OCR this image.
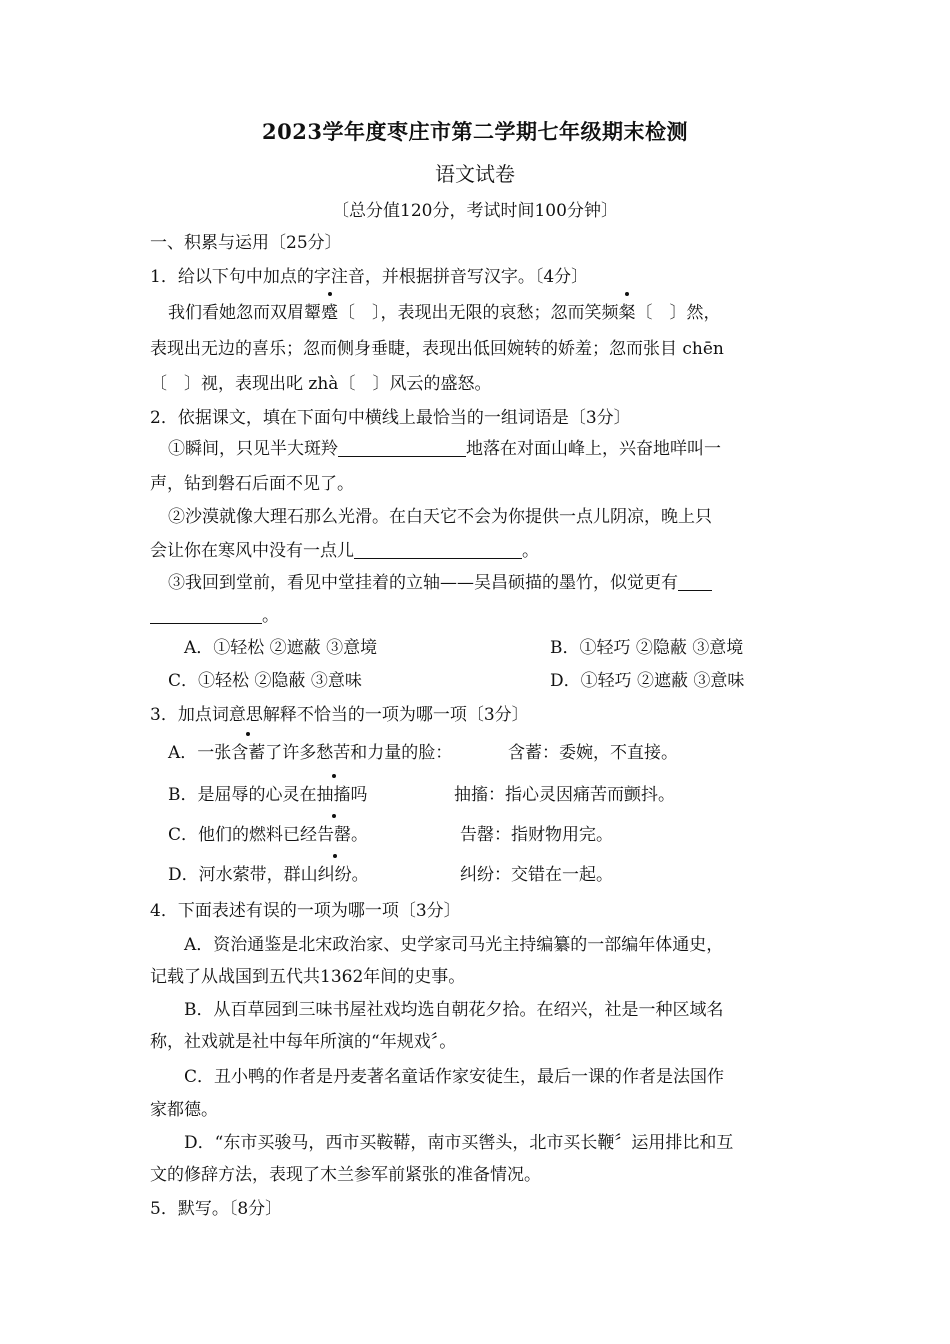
2023学年度枣庄市第二学期七年级期末检测
语文试卷
〔总分值120分，考试时间100分钟〕
一、积累与运用〔25分〕
1．给以下句中加点的字注音，并根据拼音写汉字。〔4分〕
我们看她忽而双眉颦蹙〔　〕，表现出无限的哀愁；忽而笑频粲〔　〕然，
表现出无边的喜乐；忽而侧身垂睫，表现出低回婉转的娇羞；忽而张目 chēn
〔　〕视，表现出叱 zhà〔　〕风云的盛怒。
2．依据课文，填在下面句中横线上最恰当的一组词语是〔3分〕
①瞬间，只见半大斑羚	地落在对面山峰上，兴奋地咩叫一
声，钻到磐石后面不见了。
②沙漠就像大理石那么光滑。在白天它不会为你提供一点儿阴凉，晚上只
会让你在寒风中没有一点儿	。
③我回到堂前，看见中堂挂着的立轴——吴昌硕描的墨竹，似觉更有
。
A．①轻松 ②遮蔽 ③意境	B．①轻巧 ②隐蔽 ③意境
C．①轻松 ②隐蔽 ③意味	D．①轻巧 ②遮蔽 ③意味
3．加点词意思解释不恰当的一项为哪一项〔3分〕
A．一张含蓄了许多愁苦和力量的脸：	含蓄：委婉，不直接。
B．是屈辱的心灵在抽搐吗	抽搐：指心灵因痛苦而颤抖。
C．他们的燃料已经告罄。	告罄：指财物用完。
D．河水萦带，群山纠纷。	纠纷：交错在一起。
4．下面表述有误的一项为哪一项〔3分〕
A．资治通鉴是北宋政治家、史学家司马光主持编纂的一部编年体通史，
记载了从战国到五代共1362年间的史事。
B．从百草园到三味书屋社戏均选自朝花夕拾。在绍兴，社是一种区域名
称，社戏就是社中每年所演的“年规戏〞。
C．丑小鸭的作者是丹麦著名童话作家安徒生，最后一课的作者是法国作
家都德。
D．“东市买骏马，西市买鞍鞯，南市买辔头，北市买长鞭〞运用排比和互
文的修辞方法，表现了木兰参军前紧张的准备情况。
5．默写。〔8分〕
